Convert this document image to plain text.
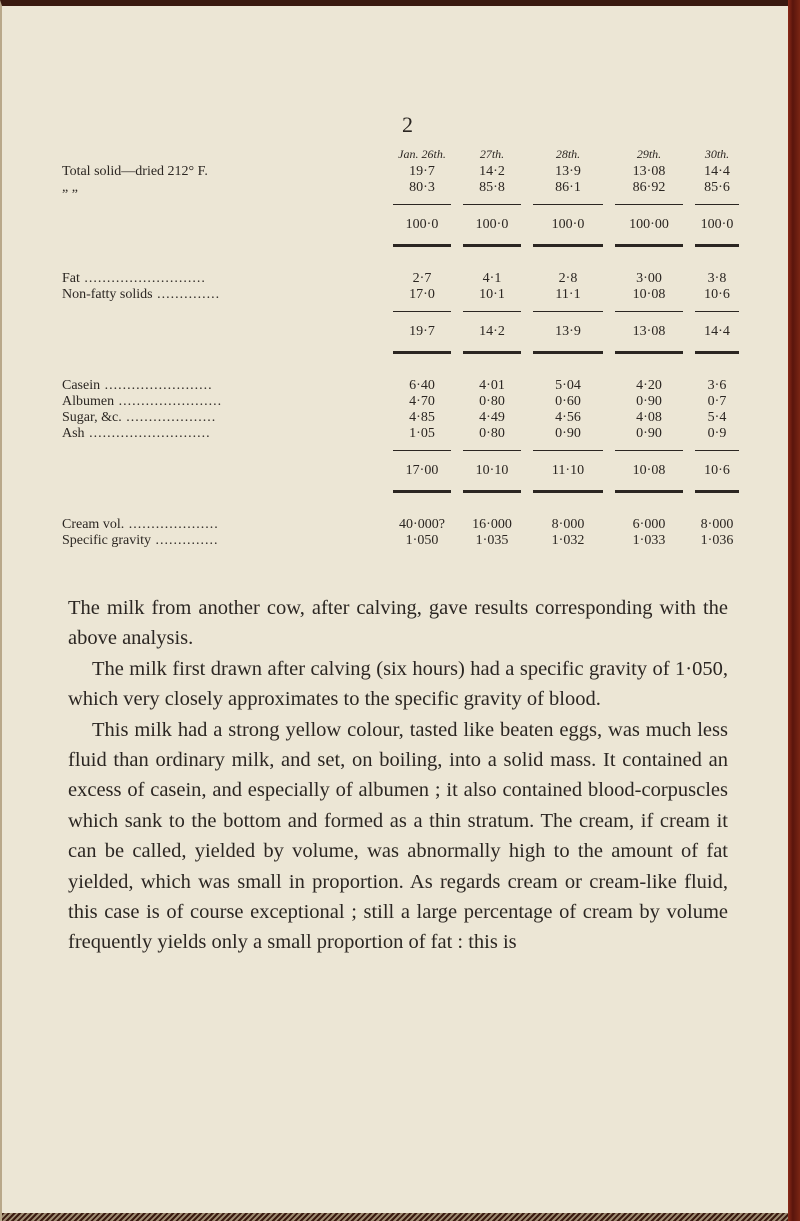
2
	Jan. 26th.	27th.	28th.	29th.	30th.
Total solid—dried 212° F.	19·7	14·2	13·9	13·08	14·4
„ „	80·3	85·8	86·1	86·92	85·6

	100·0	100·0	100·0	100·00	100·0

Fat ...........................	2·7	4·1	2·8	3·00	3·8
Non-fatty solids ..............	17·0	10·1	11·1	10·08	10·6

	19·7	14·2	13·9	13·08	14·4

Casein ........................	6·40	4·01	5·04	4·20	3·6
Albumen .......................	4·70	0·80	0·60	0·90	0·7
Sugar, &c. ....................	4·85	4·49	4·56	4·08	5·4
Ash ...........................	1·05	0·80	0·90	0·90	0·9

	17·00	10·10	11·10	10·08	10·6

Cream vol. ....................	40·000?	16·000	8·000	6·000	8·000
Specific gravity ..............	1·050	1·035	1·032	1·033	1·036

The milk from another cow, after calving, gave results corresponding with the above analysis.

The milk first drawn after calving (six hours) had a specific gravity of 1·050, which very closely approximates to the specific gravity of blood.

This milk had a strong yellow colour, tasted like beaten eggs, was much less fluid than ordinary milk, and set, on boiling, into a solid mass. It contained an excess of casein, and especially of albumen ; it also contained blood-corpuscles which sank to the bottom and formed as a thin stratum. The cream, if cream it can be called, yielded by volume, was abnormally high to the amount of fat yielded, which was small in proportion. As regards cream or cream-like fluid, this case is of course exceptional ; still a large percentage of cream by volume frequently yields only a small proportion of fat : this is
